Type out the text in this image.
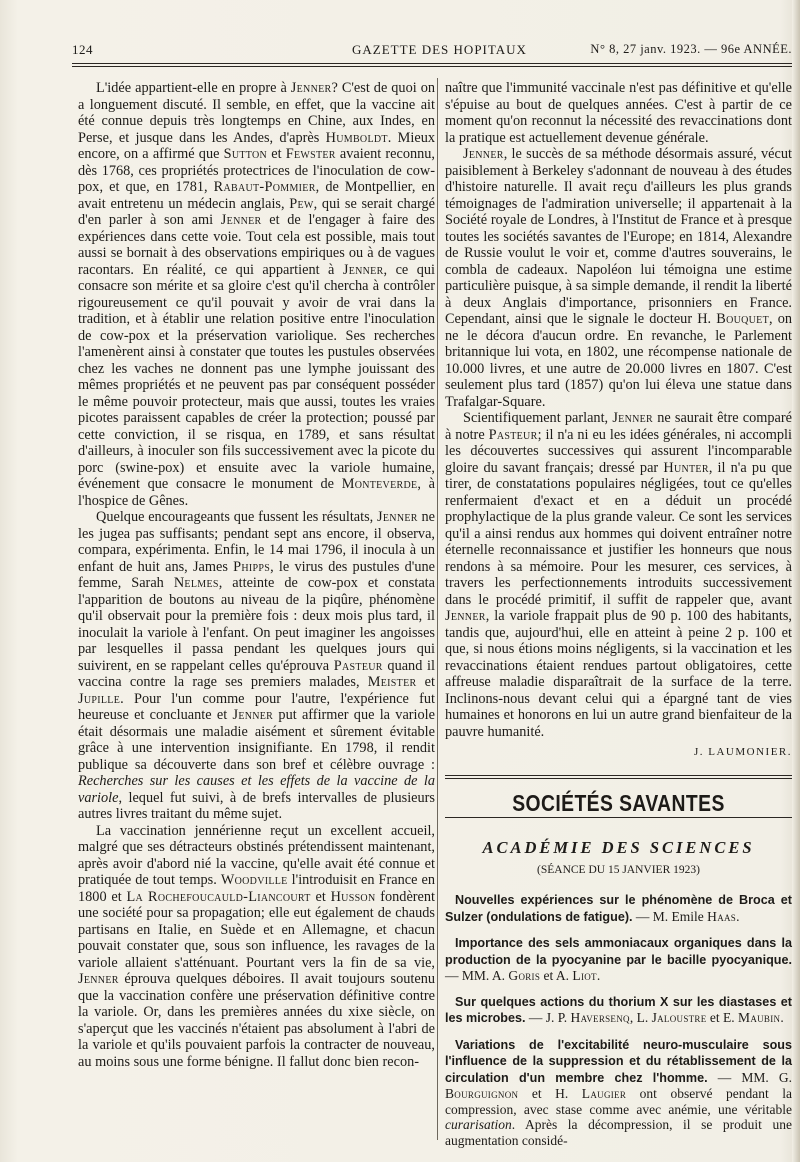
124	GAZETTE DES HOPITAUX	N° 8, 27 janv. 1923. — 96e ANNÉE.

L'idée appartient-elle en propre à Jenner? C'est de quoi on a longuement discuté. Il semble, en effet, que la vaccine ait été connue depuis très longtemps en Chine, aux Indes, en Perse, et jusque dans les Andes, d'après Humboldt. Mieux encore, on a affirmé que Sutton et Fewster avaient reconnu, dès 1768, ces propriétés protectrices de l'inoculation de cow-pox, et que, en 1781, Rabaut-Pommier, de Montpellier, en avait entretenu un médecin anglais, Pew, qui se serait chargé d'en parler à son ami Jenner et de l'engager à faire des expériences dans cette voie. Tout cela est possible, mais tout aussi se bornait à des observations empiriques ou à de vagues racontars. En réalité, ce qui appartient à Jenner, ce qui consacre son mérite et sa gloire c'est qu'il chercha à contrôler rigoureusement ce qu'il pouvait y avoir de vrai dans la tradition, et à établir une relation positive entre l'inoculation de cow-pox et la préservation variolique. Ses recherches l'amenèrent ainsi à constater que toutes les pustules observées chez les vaches ne donnent pas une lymphe jouissant des mêmes propriétés et ne peuvent pas par conséquent posséder le même pouvoir protecteur, mais que aussi, toutes les vraies picotes paraissent capables de créer la protection; poussé par cette conviction, il se risqua, en 1789, et sans résultat d'ailleurs, à inoculer son fils successivement avec la picote du porc (swine-pox) et ensuite avec la variole humaine, événement que consacre le monument de Monteverde, à l'hospice de Gênes.

Quelque encourageants que fussent les résultats, Jenner ne les jugea pas suffisants; pendant sept ans encore, il observa, compara, expérimenta. Enfin, le 14 mai 1796, il inocula à un enfant de huit ans, James Phipps, le virus des pustules d'une femme, Sarah Nelmes, atteinte de cow-pox et constata l'apparition de boutons au niveau de la piqûre, phénomène qu'il observait pour la première fois : deux mois plus tard, il inoculait la variole à l'enfant. On peut imaginer les angoisses par lesquelles il passa pendant les quelques jours qui suivirent, en se rappelant celles qu'éprouva Pasteur quand il vaccina contre la rage ses premiers malades, Meister et Jupille. Pour l'un comme pour l'autre, l'expérience fut heureuse et concluante et Jenner put affirmer que la variole était désormais une maladie aisément et sûrement évitable grâce à une intervention insignifiante. En 1798, il rendit publique sa découverte dans son bref et célèbre ouvrage : Recherches sur les causes et les effets de la vaccine de la variole, lequel fut suivi, à de brefs intervalles de plusieurs autres livres traitant du même sujet.

La vaccination jennérienne reçut un excellent accueil, malgré que ses détracteurs obstinés prétendissent maintenant, après avoir d'abord nié la vaccine, qu'elle avait été connue et pratiquée de tout temps. Woodville l'introduisit en France en 1800 et La Rochefoucauld-Liancourt et Husson fondèrent une société pour sa propagation; elle eut également de chauds partisans en Italie, en Suède et en Allemagne, et chacun pouvait constater que, sous son influence, les ravages de la variole allaient s'atténuant. Pourtant vers la fin de sa vie, Jenner éprouva quelques déboires. Il avait toujours soutenu que la vaccination confère une préservation définitive contre la variole. Or, dans les premières années du xixe siècle, on s'aperçut que les vaccinés n'étaient pas absolument à l'abri de la variole et qu'ils pouvaient parfois la contracter de nouveau, au moins sous une forme bénigne. Il fallut donc bien recon-

naître que l'immunité vaccinale n'est pas définitive et qu'elle s'épuise au bout de quelques années. C'est à partir de ce moment qu'on reconnut la nécessité des revaccinations dont la pratique est actuellement devenue générale.

Jenner, le succès de sa méthode désormais assuré, vécut paisiblement à Berkeley s'adonnant de nouveau à des études d'histoire naturelle. Il avait reçu d'ailleurs les plus grands témoignages de l'admiration universelle; il appartenait à la Société royale de Londres, à l'Institut de France et à presque toutes les sociétés savantes de l'Europe; en 1814, Alexandre de Russie voulut le voir et, comme d'autres souverains, le combla de cadeaux. Napoléon lui témoigna une estime particulière puisque, à sa simple demande, il rendit la liberté à deux Anglais d'importance, prisonniers en France. Cependant, ainsi que le signale le docteur H. Bouquet, on ne le décora d'aucun ordre. En revanche, le Parlement britannique lui vota, en 1802, une récompense nationale de 10.000 livres, et une autre de 20.000 livres en 1807. C'est seulement plus tard (1857) qu'on lui éleva une statue dans Trafalgar-Square.

Scientifiquement parlant, Jenner ne saurait être comparé à notre Pasteur; il n'a ni eu les idées générales, ni accompli les découvertes successives qui assurent l'incomparable gloire du savant français; dressé par Hunter, il n'a pu que tirer, de constatations populaires négligées, tout ce qu'elles renfermaient d'exact et en a déduit un procédé prophylactique de la plus grande valeur. Ce sont les services qu'il a ainsi rendus aux hommes qui doivent entraîner notre éternelle reconnaissance et justifier les honneurs que nous rendons à sa mémoire. Pour les mesurer, ces services, à travers les perfectionnements introduits successivement dans le procédé primitif, il suffit de rappeler que, avant Jenner, la variole frappait plus de 90 p. 100 des habitants, tandis que, aujourd'hui, elle en atteint à peine 2 p. 100 et que, si nous étions moins négligents, si la vaccination et les revaccinations étaient rendues partout obligatoires, cette affreuse maladie disparaîtrait de la surface de la terre. Inclinons-nous devant celui qui a épargné tant de vies humaines et honorons en lui un autre grand bienfaiteur de la pauvre humanité.

J. LAUMONIER.

SOCIÉTÉS SAVANTES
ACADÉMIE DES SCIENCES
(SÉANCE DU 15 JANVIER 1923)

Nouvelles expériences sur le phénomène de Broca et Sulzer (ondulations de fatigue). — M. Emile Haas.

Importance des sels ammoniacaux organiques dans la production de la pyocyanine par le bacille pyocyanique. — MM. A. Goris et A. Liot.

Sur quelques actions du thorium X sur les diastases et les microbes. — J. P. Haversenq, L. Jaloustre et E. Maubin.

Variations de l'excitabilité neuro-musculaire sous l'influence de la suppression et du rétablissement de la circulation d'un membre chez l'homme. — MM. G. Bourguignon et H. Laugier ont observé pendant la compression, avec stase comme avec anémie, une véritable curarisation. Après la décompression, il se produit une augmentation considé-
